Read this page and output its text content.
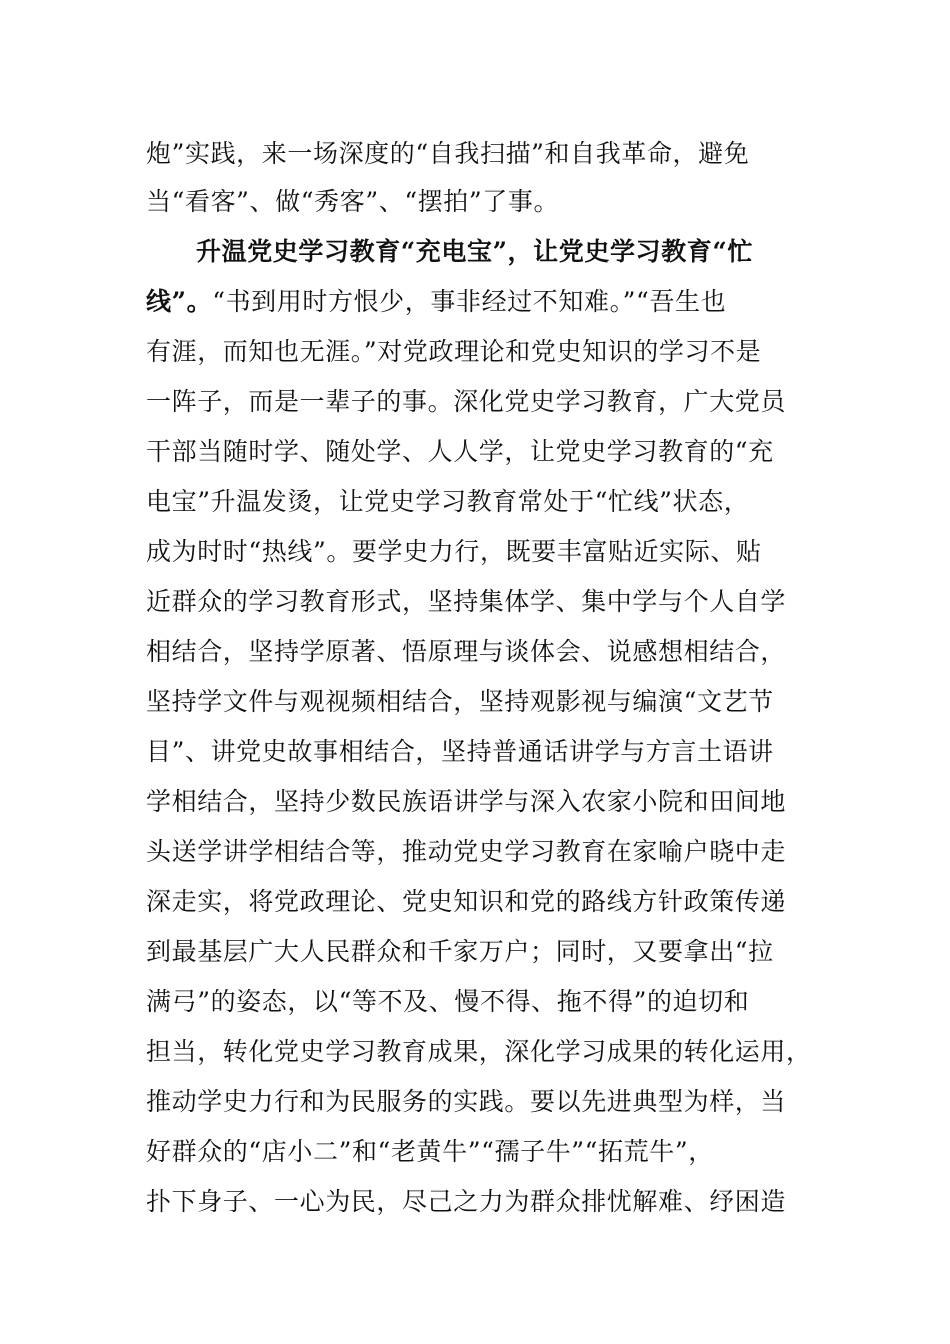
炮”实践，来一场深度的“自我扫描”和自我革命，避免
当“看客”、做“秀客”、“摆拍”了事。
升温党史学习教育“充电宝”，让党史学习教育“忙
线”。“书到用时方恨少，事非经过不知难。”“吾生也
有涯，而知也无涯。”对党政理论和党史知识的学习不是
一阵子，而是一辈子的事。深化党史学习教育，广大党员
干部当随时学、随处学、人人学，让党史学习教育的“充
电宝”升温发烫，让党史学习教育常处于“忙线”状态，
成为时时“热线”。要学史力行，既要丰富贴近实际、贴
近群众的学习教育形式，坚持集体学、集中学与个人自学
相结合，坚持学原著、悟原理与谈体会、说感想相结合，
坚持学文件与观视频相结合，坚持观影视与编演“文艺节
目”、讲党史故事相结合，坚持普通话讲学与方言土语讲
学相结合，坚持少数民族语讲学与深入农家小院和田间地
头送学讲学相结合等，推动党史学习教育在家喻户晓中走
深走实，将党政理论、党史知识和党的路线方针政策传递
到最基层广大人民群众和千家万户；同时，又要拿出“拉
满弓”的姿态，以“等不及、慢不得、拖不得”的迫切和
担当，转化党史学习教育成果，深化学习成果的转化运用，
推动学史力行和为民服务的实践。要以先进典型为样，当
好群众的“店小二”和“老黄牛”“孺子牛”“拓荒牛”，
扑下身子、一心为民，尽己之力为群众排忧解难、纾困造
